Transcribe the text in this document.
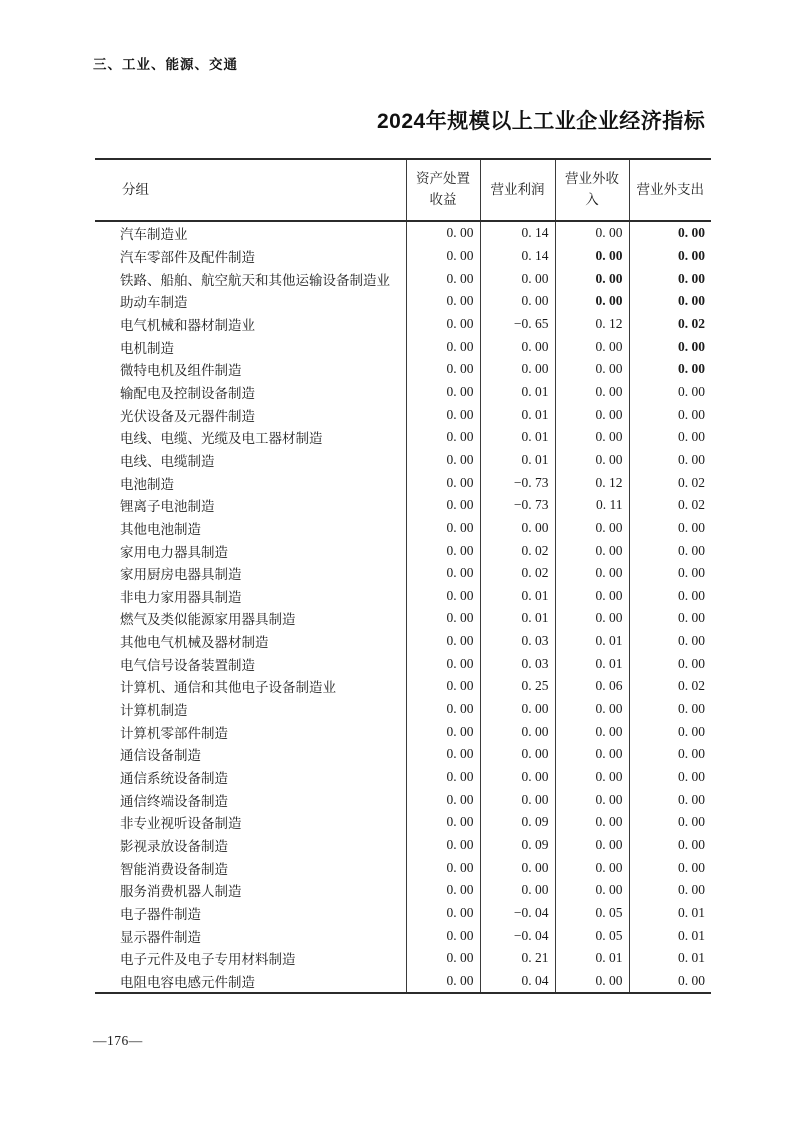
三、工业、能源、交通
2024年规模以上工业企业经济指标
分组	资产处置收益	营业利润	营业外收入	营业外支出
汽车制造业	0. 00	0. 14	0. 00	0. 00
汽车零部件及配件制造	0. 00	0. 14	0. 00	0. 00
铁路、船舶、航空航天和其他运输设备制造业	0. 00	0. 00	0. 00	0. 00
助动车制造	0. 00	0. 00	0. 00	0. 00
电气机械和器材制造业	0. 00	−0. 65	0. 12	0. 02
电机制造	0. 00	0. 00	0. 00	0. 00
微特电机及组件制造	0. 00	0. 00	0. 00	0. 00
输配电及控制设备制造	0. 00	0. 01	0. 00	0. 00
光伏设备及元器件制造	0. 00	0. 01	0. 00	0. 00
电线、电缆、光缆及电工器材制造	0. 00	0. 01	0. 00	0. 00
电线、电缆制造	0. 00	0. 01	0. 00	0. 00
电池制造	0. 00	−0. 73	0. 12	0. 02
锂离子电池制造	0. 00	−0. 73	0. 11	0. 02
其他电池制造	0. 00	0. 00	0. 00	0. 00
家用电力器具制造	0. 00	0. 02	0. 00	0. 00
家用厨房电器具制造	0. 00	0. 02	0. 00	0. 00
非电力家用器具制造	0. 00	0. 01	0. 00	0. 00
燃气及类似能源家用器具制造	0. 00	0. 01	0. 00	0. 00
其他电气机械及器材制造	0. 00	0. 03	0. 01	0. 00
电气信号设备装置制造	0. 00	0. 03	0. 01	0. 00
计算机、通信和其他电子设备制造业	0. 00	0. 25	0. 06	0. 02
计算机制造	0. 00	0. 00	0. 00	0. 00
计算机零部件制造	0. 00	0. 00	0. 00	0. 00
通信设备制造	0. 00	0. 00	0. 00	0. 00
通信系统设备制造	0. 00	0. 00	0. 00	0. 00
通信终端设备制造	0. 00	0. 00	0. 00	0. 00
非专业视听设备制造	0. 00	0. 09	0. 00	0. 00
影视录放设备制造	0. 00	0. 09	0. 00	0. 00
智能消费设备制造	0. 00	0. 00	0. 00	0. 00
服务消费机器人制造	0. 00	0. 00	0. 00	0. 00
电子器件制造	0. 00	−0. 04	0. 05	0. 01
显示器件制造	0. 00	−0. 04	0. 05	0. 01
电子元件及电子专用材料制造	0. 00	0. 21	0. 01	0. 01
电阻电容电感元件制造	0. 00	0. 04	0. 00	0. 00
—176—
